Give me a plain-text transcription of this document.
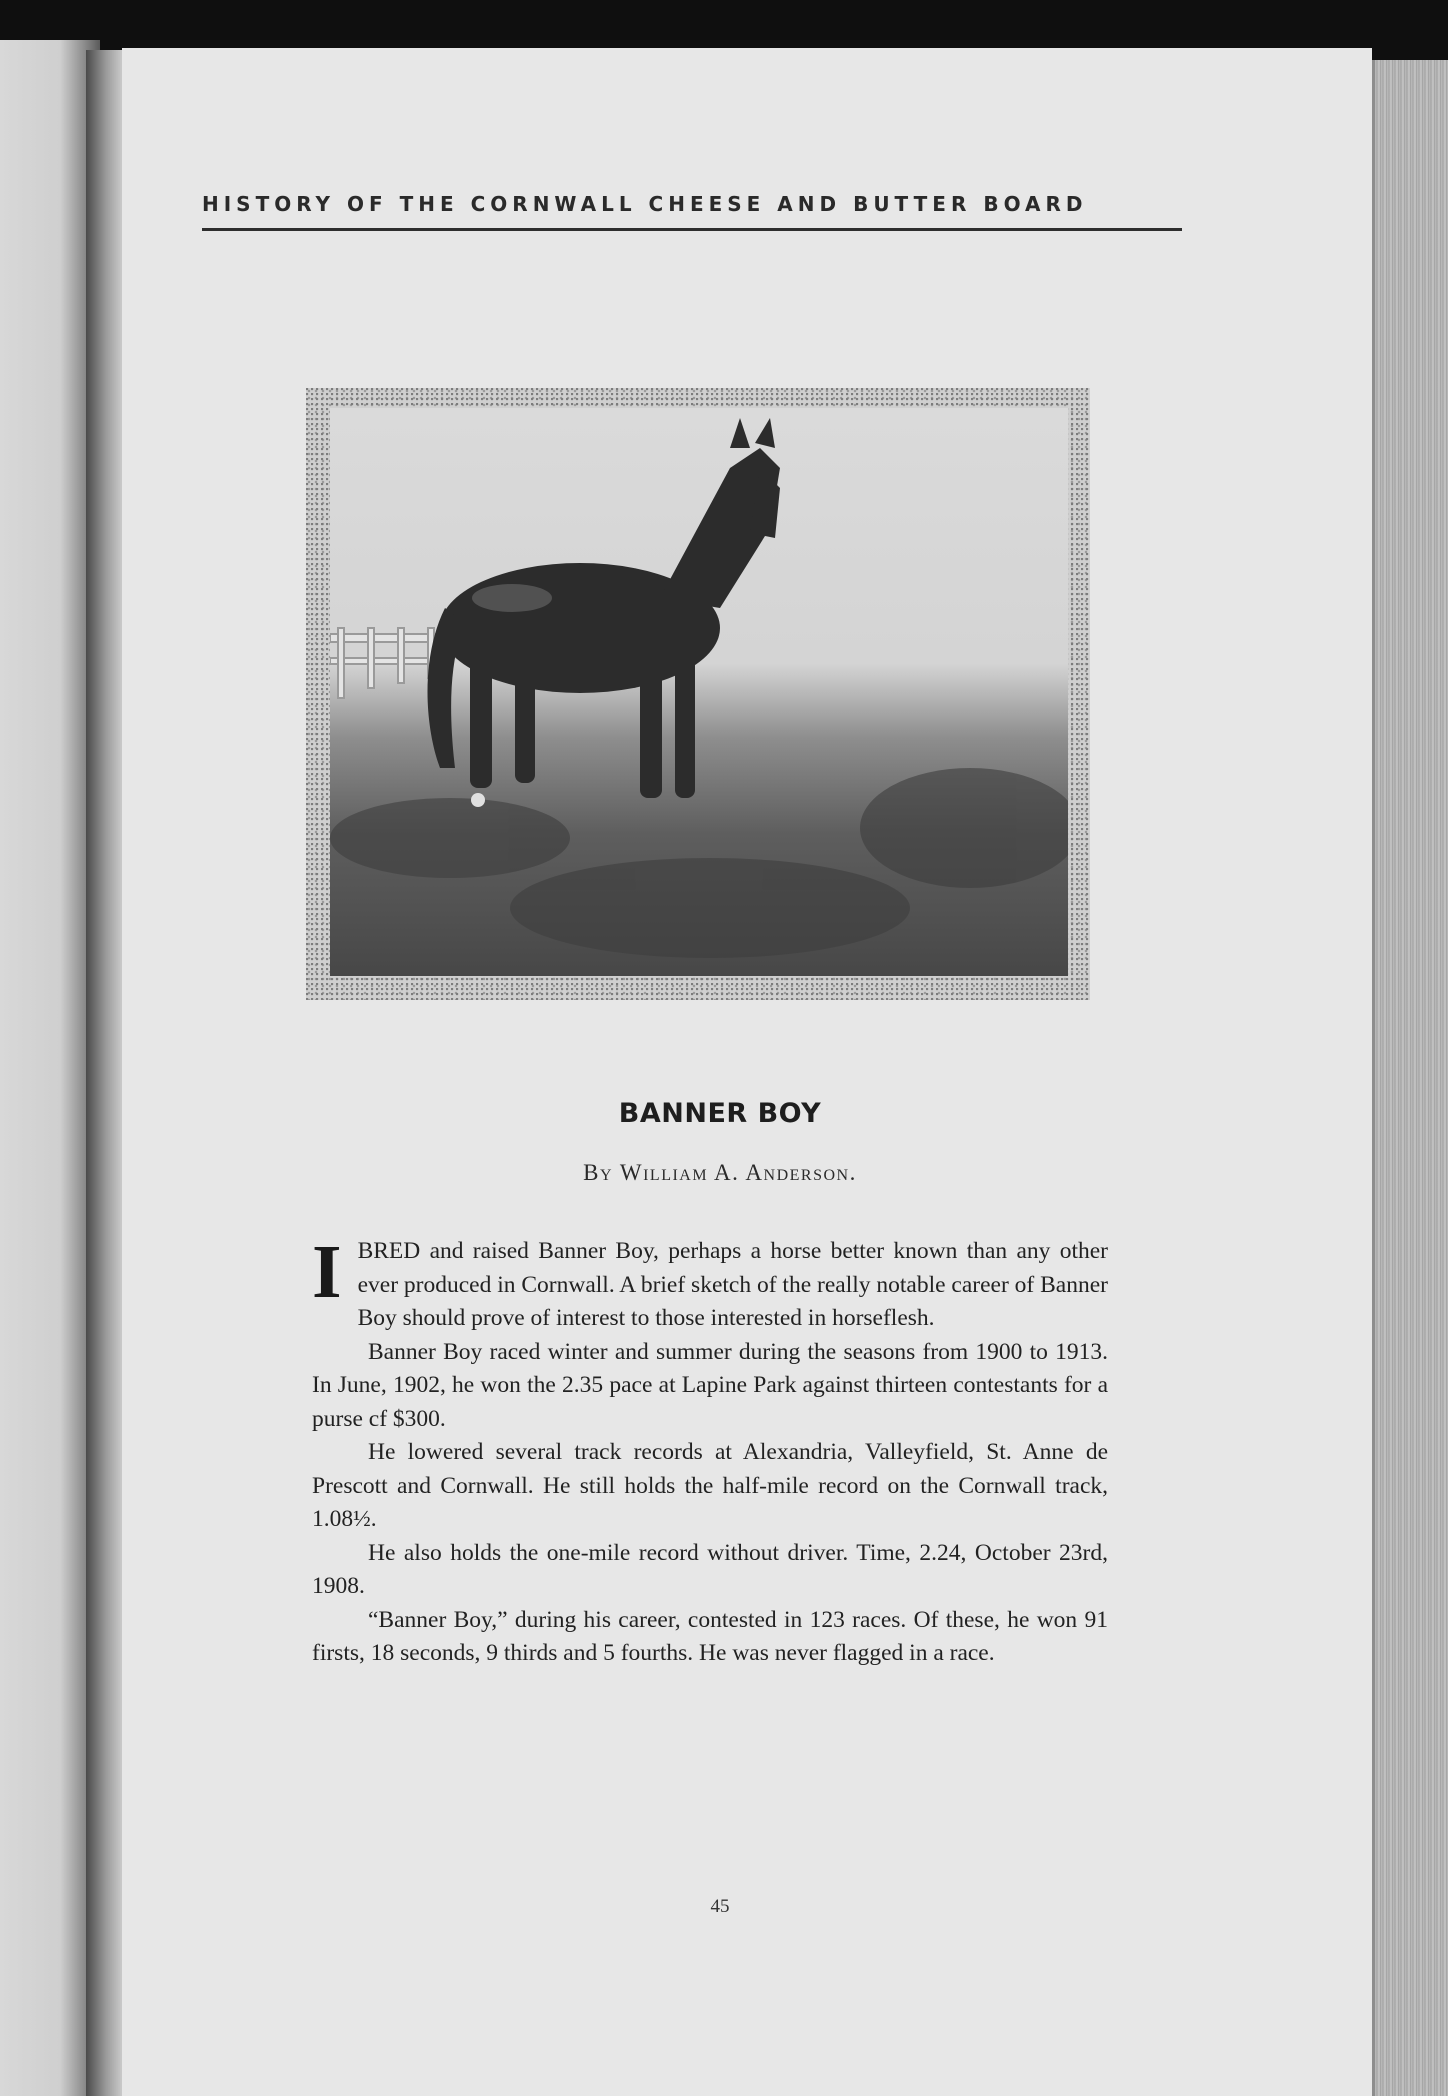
HISTORY OF THE CORNWALL CHEESE AND BUTTER BOARD
BANNER BOY
By William A. Anderson.

IBRED and raised Banner Boy, perhaps a horse better known than any other ever produced in Cornwall. A brief sketch of the really notable career of Banner Boy should prove of interest to those interested in horseflesh.

Banner Boy raced winter and summer during the seasons from 1900 to 1913. In June, 1902, he won the 2.35 pace at Lapine Park against thirteen contestants for a purse cf $300.

He lowered several track records at Alexandria, Valleyfield, St. Anne de Prescott and Cornwall. He still holds the half-mile record on the Cornwall track, 1.08½.

He also holds the one-mile record without driver. Time, 2.24, October 23rd, 1908.

“Banner Boy,” during his career, contested in 123 races. Of these, he won 91 firsts, 18 seconds, 9 thirds and 5 fourths. He was never flagged in a race.

45
